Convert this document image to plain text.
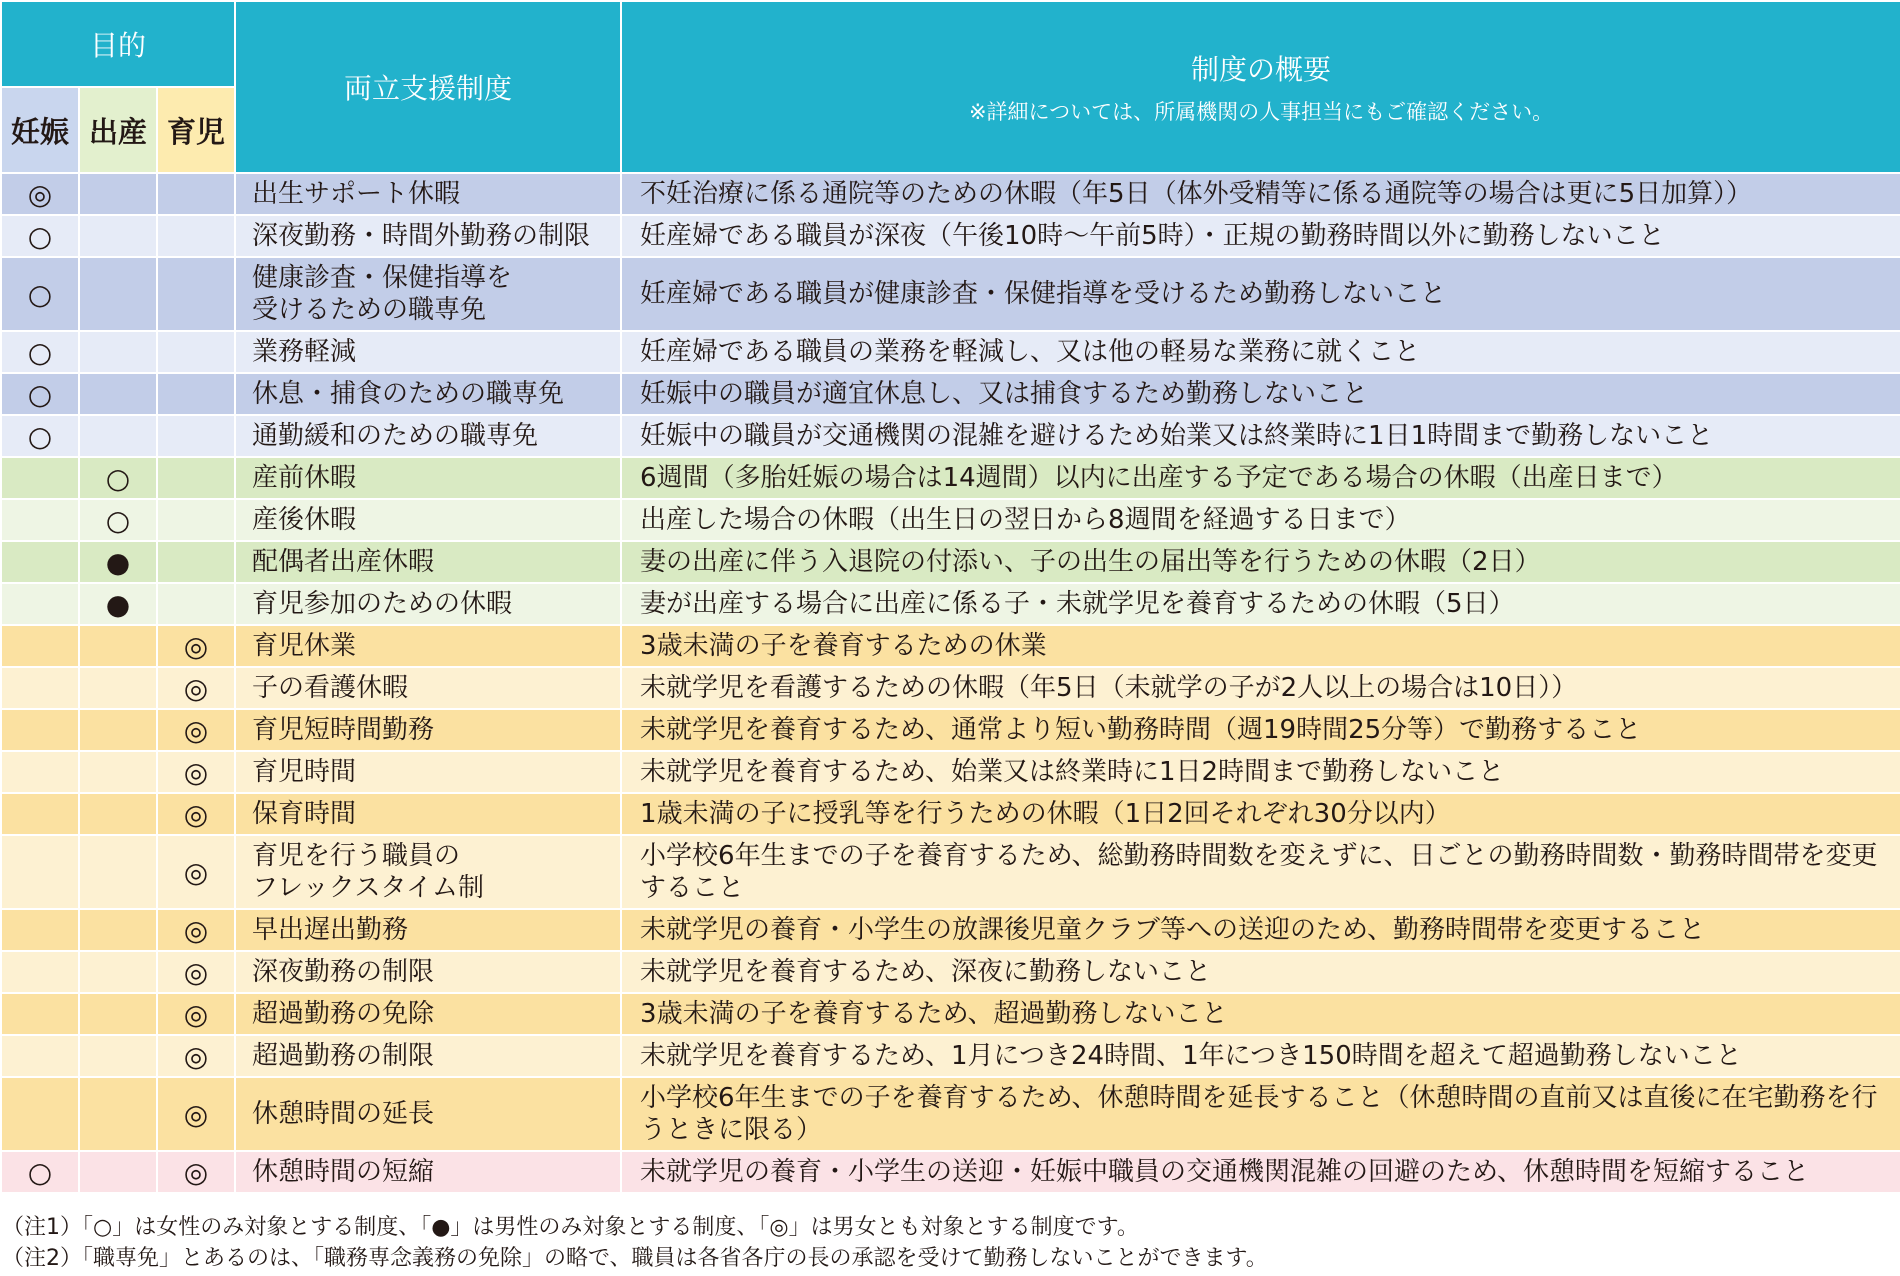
目的			両立支援制度	制度の概要
※詳細については、所属機関の人事担当にもご確認ください。

妊娠	出産	育児		
◎			出生サポート休暇	不妊治療に係る通院等のための休暇（年5日（体外受精等に係る通院等の場合は更に5日加算））
○			深夜勤務・時間外勤務の制限	妊産婦である職員が深夜（午後10時～午前5時）・正規の勤務時間以外に勤務しないこと
○			健康診査・保健指導を
受けるための職専免	妊産婦である職員が健康診査・保健指導を受けるため勤務しないこと
○			業務軽減	妊産婦である職員の業務を軽減し、又は他の軽易な業務に就くこと
○			休息・捕食のための職専免	妊娠中の職員が適宜休息し、又は捕食するため勤務しないこと
○			通勤緩和のための職専免	妊娠中の職員が交通機関の混雑を避けるため始業又は終業時に1日1時間まで勤務しないこと
	○		産前休暇	6週間（多胎妊娠の場合は14週間）以内に出産する予定である場合の休暇（出産日まで）
	○		産後休暇	出産した場合の休暇（出生日の翌日から8週間を経過する日まで）
	●		配偶者出産休暇	妻の出産に伴う入退院の付添い、子の出生の届出等を行うための休暇（2日）
	●		育児参加のための休暇	妻が出産する場合に出産に係る子・未就学児を養育するための休暇（5日）
		◎	育児休業	3歳未満の子を養育するための休業
		◎	子の看護休暇	未就学児を看護するための休暇（年5日（未就学の子が2人以上の場合は10日））
		◎	育児短時間勤務	未就学児を養育するため、通常より短い勤務時間（週19時間25分等）で勤務すること
		◎	育児時間	未就学児を養育するため、始業又は終業時に1日2時間まで勤務しないこと
		◎	保育時間	1歳未満の子に授乳等を行うための休暇（1日2回それぞれ30分以内）
		◎	育児を行う職員の
フレックスタイム制	小学校6年生までの子を養育するため、総勤務時間数を変えずに、日ごとの勤務時間数・勤務時間帯を変更すること
		◎	早出遅出勤務	未就学児の養育・小学生の放課後児童クラブ等への送迎のため、勤務時間帯を変更すること
		◎	深夜勤務の制限	未就学児を養育するため、深夜に勤務しないこと
		◎	超過勤務の免除	3歳未満の子を養育するため、超過勤務しないこと
		◎	超過勤務の制限	未就学児を養育するため、1月につき24時間、1年につき150時間を超えて超過勤務しないこと
		◎	休憩時間の延長	小学校6年生までの子を養育するため、休憩時間を延長すること（休憩時間の直前又は直後に在宅勤務を行うときに限る）
○		◎	休憩時間の短縮	未就学児の養育・小学生の送迎・妊娠中職員の交通機関混雑の回避のため、休憩時間を短縮すること
（注1）「○」は女性のみ対象とする制度、「●」は男性のみ対象とする制度、「◎」は男女とも対象とする制度です。
（注2）「職専免」とあるのは、「職務専念義務の免除」の略で、職員は各省各庁の長の承認を受けて勤務しないことができます。
